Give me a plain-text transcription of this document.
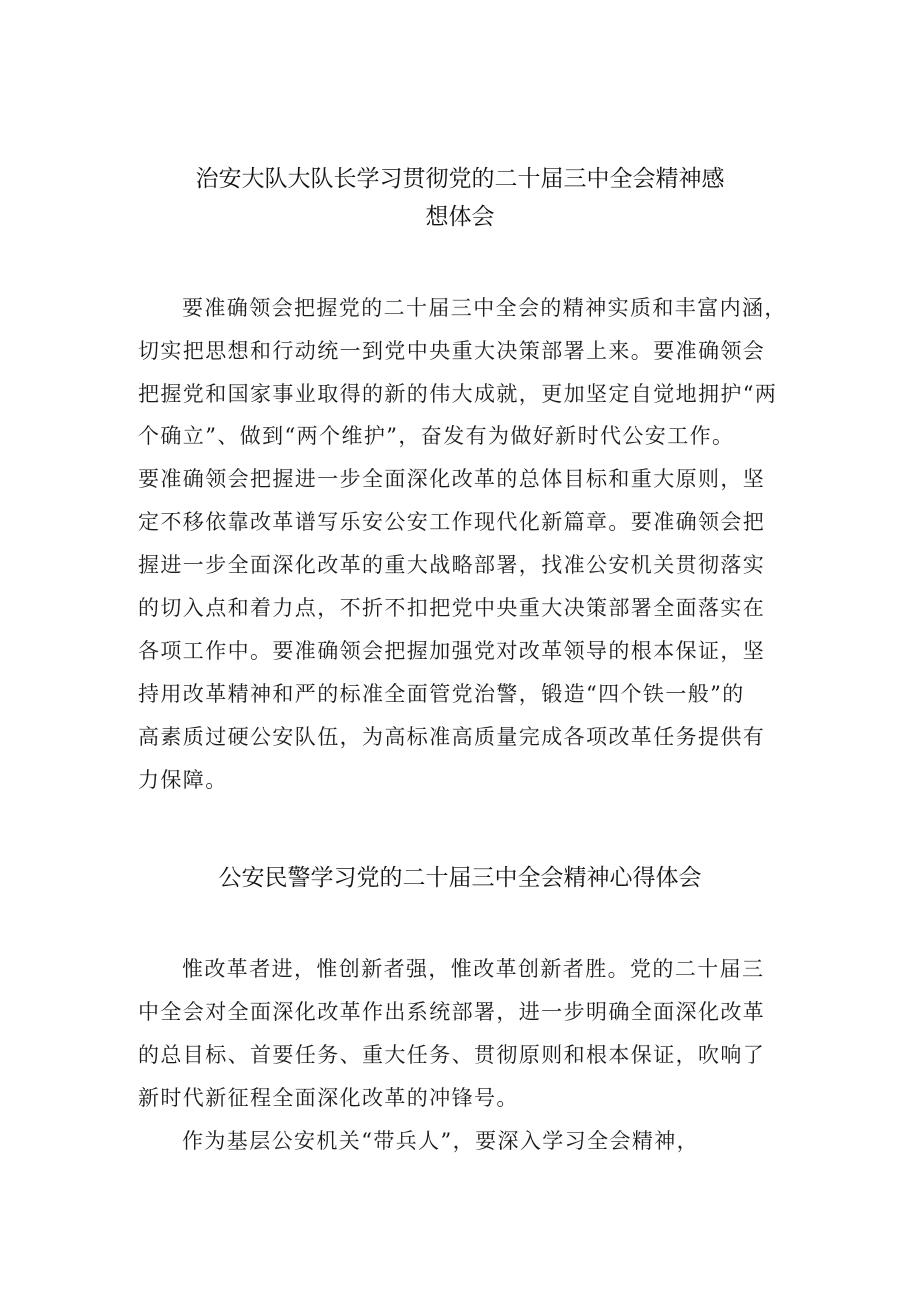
治安大队大队长学习贯彻党的二十届三中全会精神感
想体会
要准确领会把握党的二十届三中全会的精神实质和丰富内涵，
切实把思想和行动统一到党中央重大决策部署上来。要准确领会
把握党和国家事业取得的新的伟大成就，更加坚定自觉地拥护“两
个确立”、做到“两个维护”，奋发有为做好新时代公安工作。
要准确领会把握进一步全面深化改革的总体目标和重大原则，坚
定不移依靠改革谱写乐安公安工作现代化新篇章。要准确领会把
握进一步全面深化改革的重大战略部署，找准公安机关贯彻落实
的切入点和着力点，不折不扣把党中央重大决策部署全面落实在
各项工作中。要准确领会把握加强党对改革领导的根本保证，坚
持用改革精神和严的标准全面管党治警，锻造“四个铁一般”的
高素质过硬公安队伍，为高标准高质量完成各项改革任务提供有
力保障。
公安民警学习党的二十届三中全会精神心得体会
惟改革者进，惟创新者强，惟改革创新者胜。党的二十届三
中全会对全面深化改革作出系统部署，进一步明确全面深化改革
的总目标、首要任务、重大任务、贯彻原则和根本保证，吹响了
新时代新征程全面深化改革的冲锋号。
作为基层公安机关“带兵人”，要深入学习全会精神，
